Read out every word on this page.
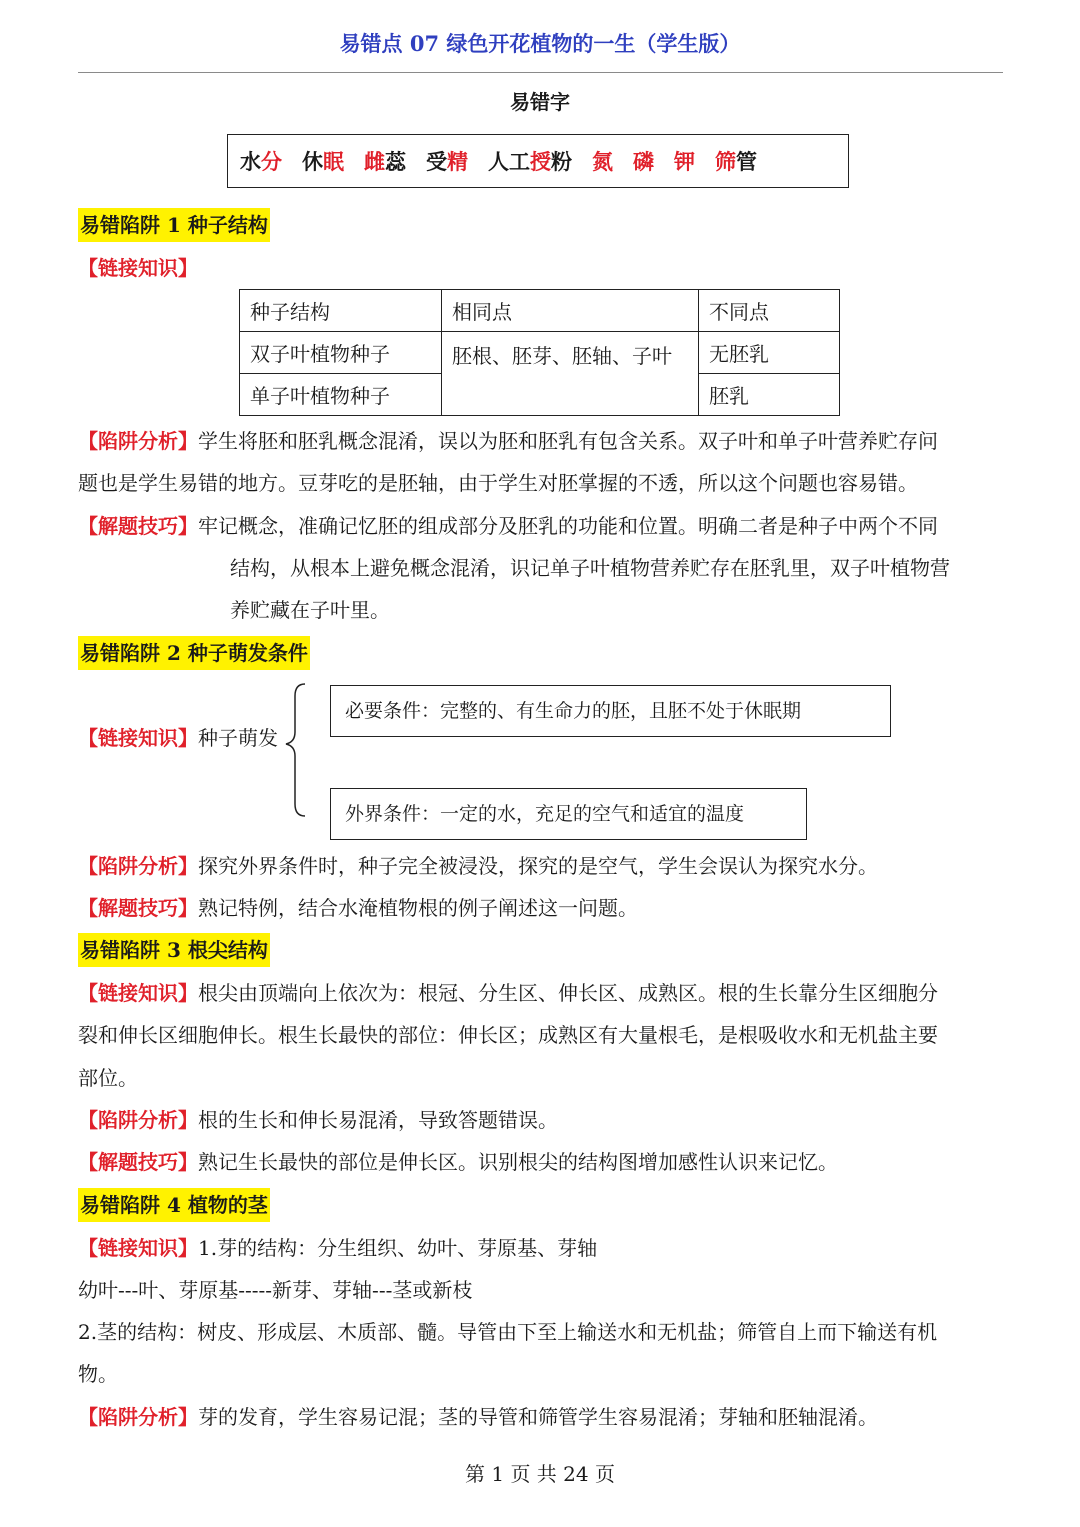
易错点 07 绿色开花植物的一生（学生版）
易错字
水分 休眠 雌蕊 受精 人工授粉 氮 磷 钾 筛管
易错陷阱 1 种子结构
【链接知识】
种子结构	相同点	不同点
双子叶植物种子	胚根、胚芽、胚轴、子叶	无胚乳
单子叶植物种子		胚乳
【陷阱分析】学生将胚和胚乳概念混淆，误以为胚和胚乳有包含关系。双子叶和单子叶营养贮存问
题也是学生易错的地方。豆芽吃的是胚轴，由于学生对胚掌握的不透，所以这个问题也容易错。
【解题技巧】牢记概念，准确记忆胚的组成部分及胚乳的功能和位置。明确二者是种子中两个不同
结构，从根本上避免概念混淆，识记单子叶植物营养贮存在胚乳里，双子叶植物营
养贮藏在子叶里。
易错陷阱 2 种子萌发条件
【链接知识】种子萌发
必要条件：完整的、有生命力的胚，且胚不处于休眠期
外界条件：一定的水，充足的空气和适宜的温度
【陷阱分析】探究外界条件时，种子完全被浸没，探究的是空气，学生会误认为探究水分。
【解题技巧】熟记特例，结合水淹植物根的例子阐述这一问题。
易错陷阱 3 根尖结构
【链接知识】根尖由顶端向上依次为：根冠、分生区、伸长区、成熟区。根的生长靠分生区细胞分
裂和伸长区细胞伸长。根生长最快的部位：伸长区；成熟区有大量根毛，是根吸收水和无机盐主要
部位。
【陷阱分析】根的生长和伸长易混淆，导致答题错误。
【解题技巧】熟记生长最快的部位是伸长区。识别根尖的结构图增加感性认识来记忆。
易错陷阱 4 植物的茎
【链接知识】1.芽的结构：分生组织、幼叶、芽原基、芽轴
幼叶---叶、芽原基-----新芽、芽轴---茎或新枝
2.茎的结构：树皮、形成层、木质部、髓。导管由下至上输送水和无机盐；筛管自上而下输送有机
物。
【陷阱分析】芽的发育，学生容易记混；茎的导管和筛管学生容易混淆；芽轴和胚轴混淆。
第 1 页 共 24 页
